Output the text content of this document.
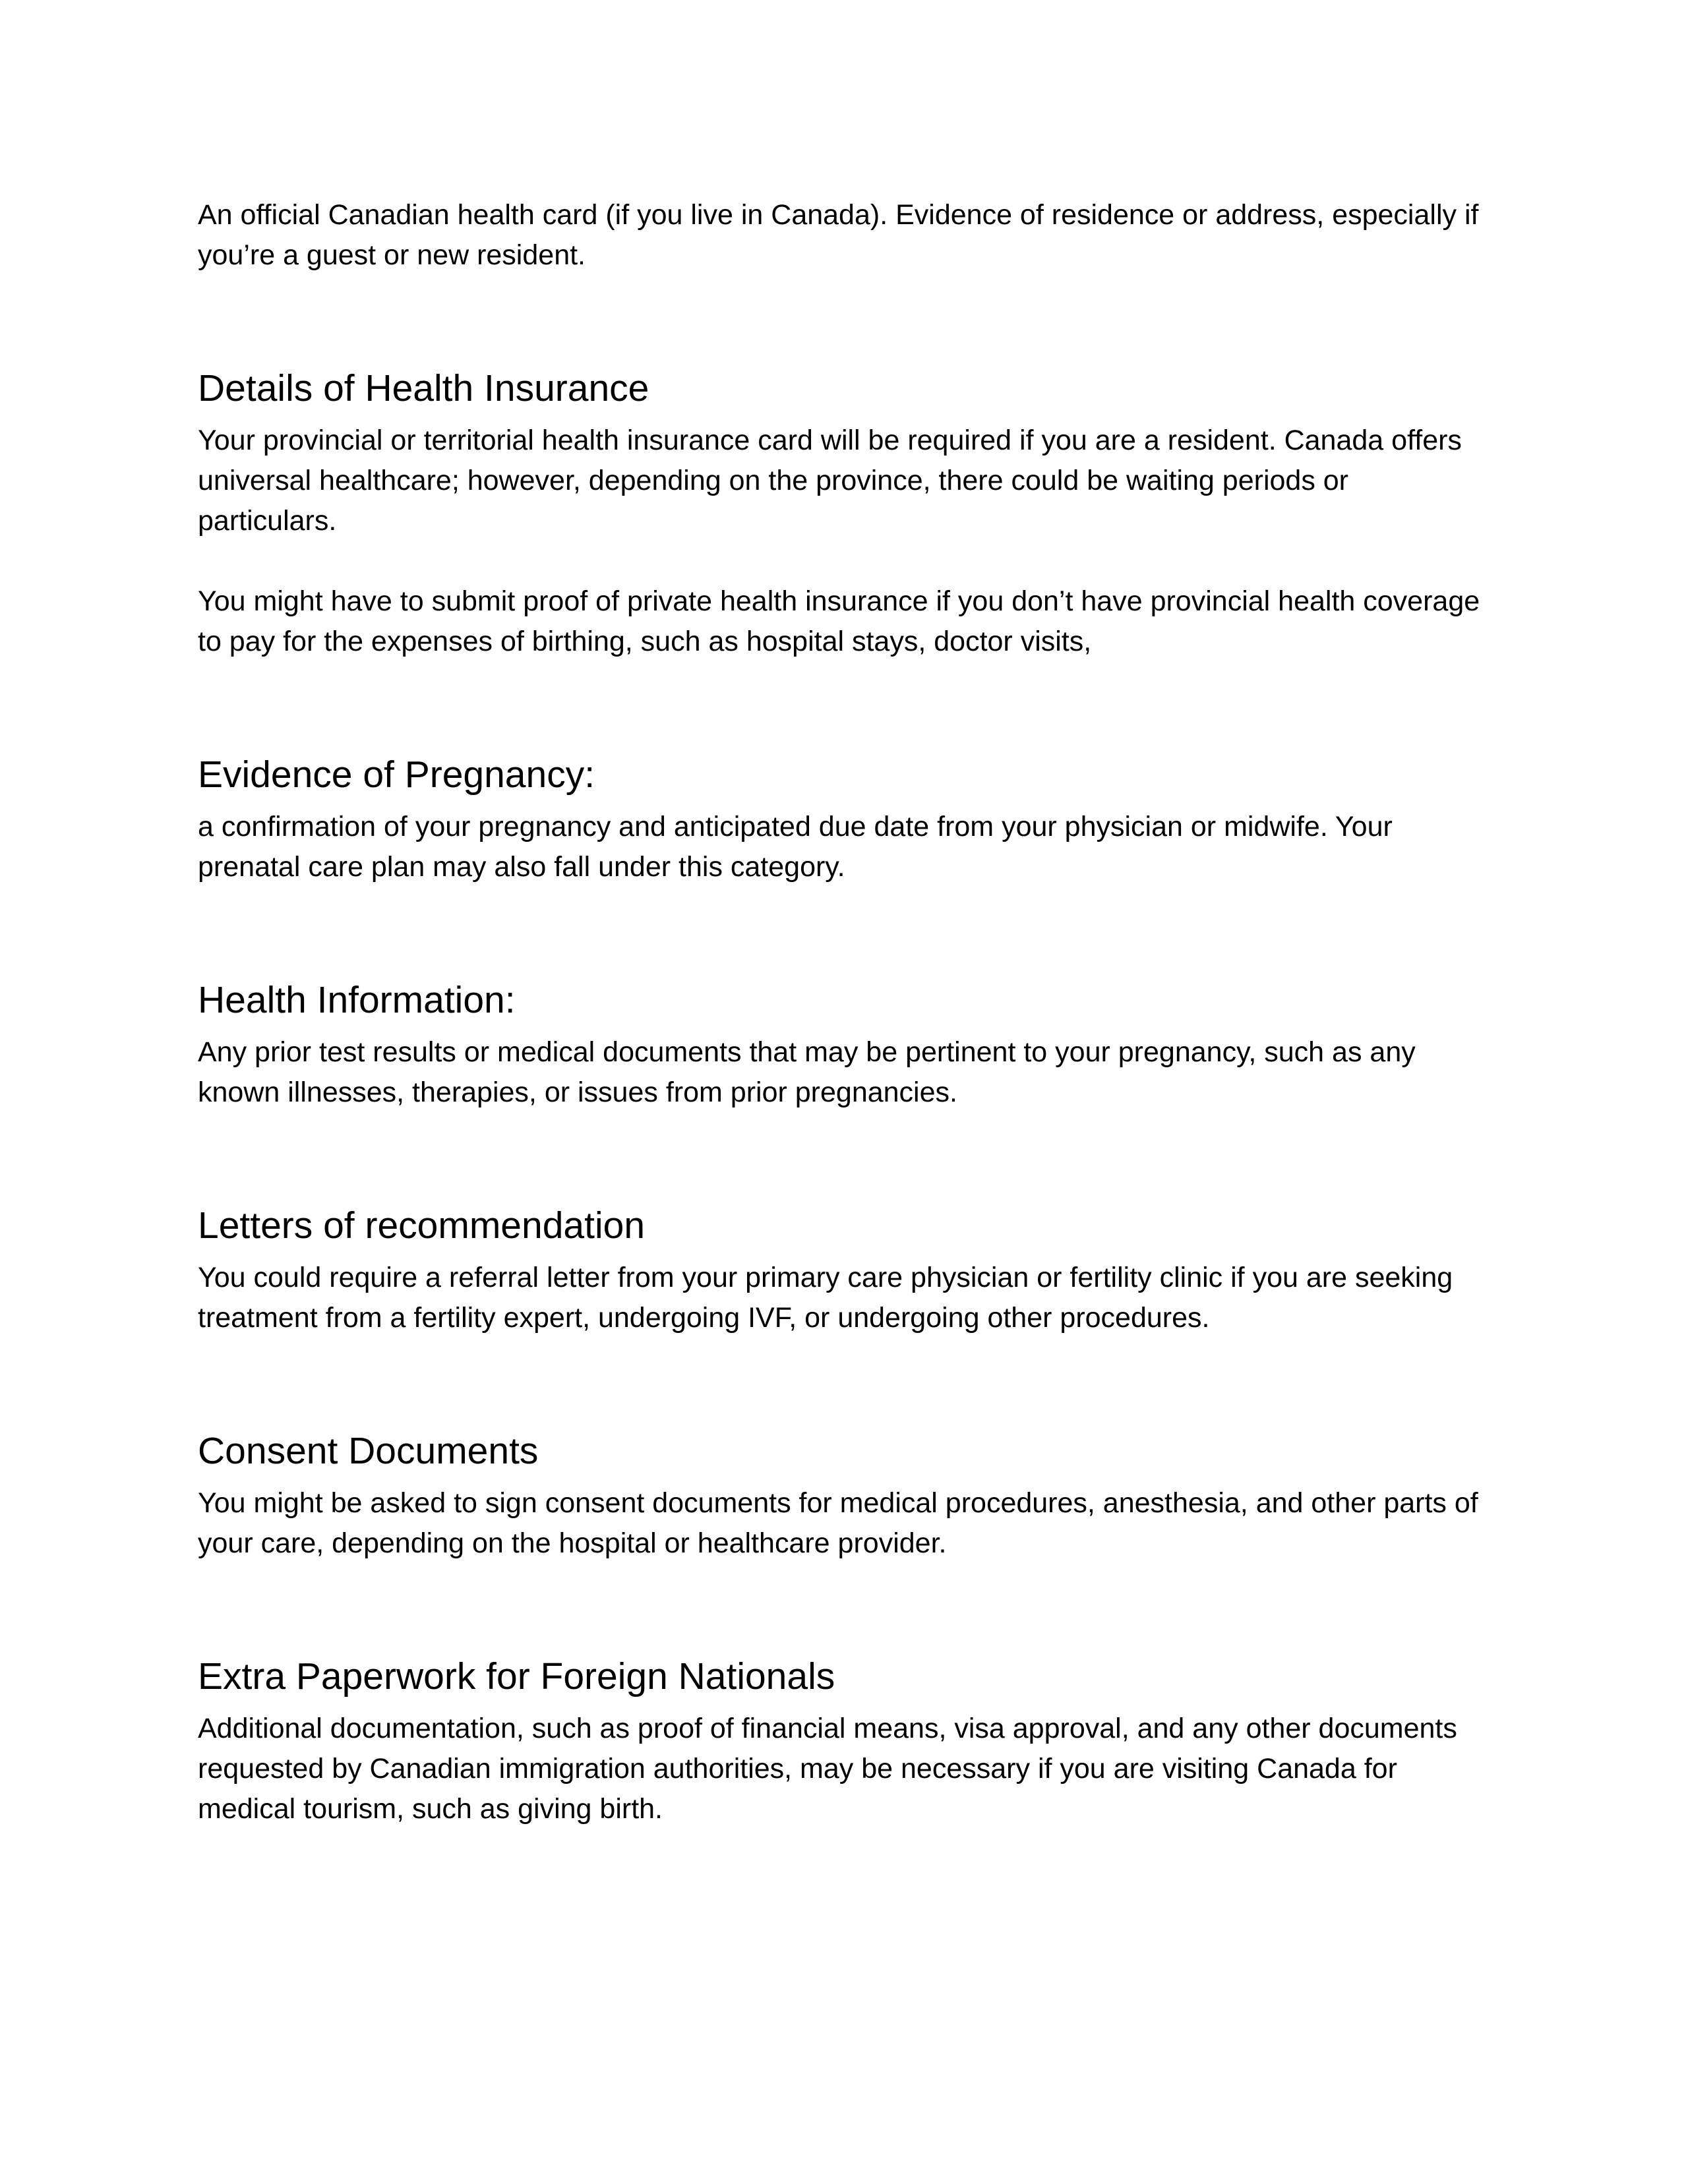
An official Canadian health card (if you live in Canada). Evidence of residence or address, especially if you’re a guest or new resident.

Details of Health Insurance

Your provincial or territorial health insurance card will be required if you are a resident. Canada offers universal healthcare; however, depending on the province, there could be waiting periods or particulars.

You might have to submit proof of private health insurance if you don’t have provincial health coverage to pay for the expenses of birthing, such as hospital stays, doctor visits,

Evidence of Pregnancy:

a confirmation of your pregnancy and anticipated due date from your physician or midwife. Your prenatal care plan may also fall under this category.

Health Information:

Any prior test results or medical documents that may be pertinent to your pregnancy, such as any known illnesses, therapies, or issues from prior pregnancies.

Letters of recommendation

You could require a referral letter from your primary care physician or fertility clinic if you are seeking treatment from a fertility expert, undergoing IVF, or undergoing other procedures.

Consent Documents

You might be asked to sign consent documents for medical procedures, anesthesia, and other parts of your care, depending on the hospital or healthcare provider.

Extra Paperwork for Foreign Nationals

Additional documentation, such as proof of financial means, visa approval, and any other documents requested by Canadian immigration authorities, may be necessary if you are visiting Canada for medical tourism, such as giving birth.
